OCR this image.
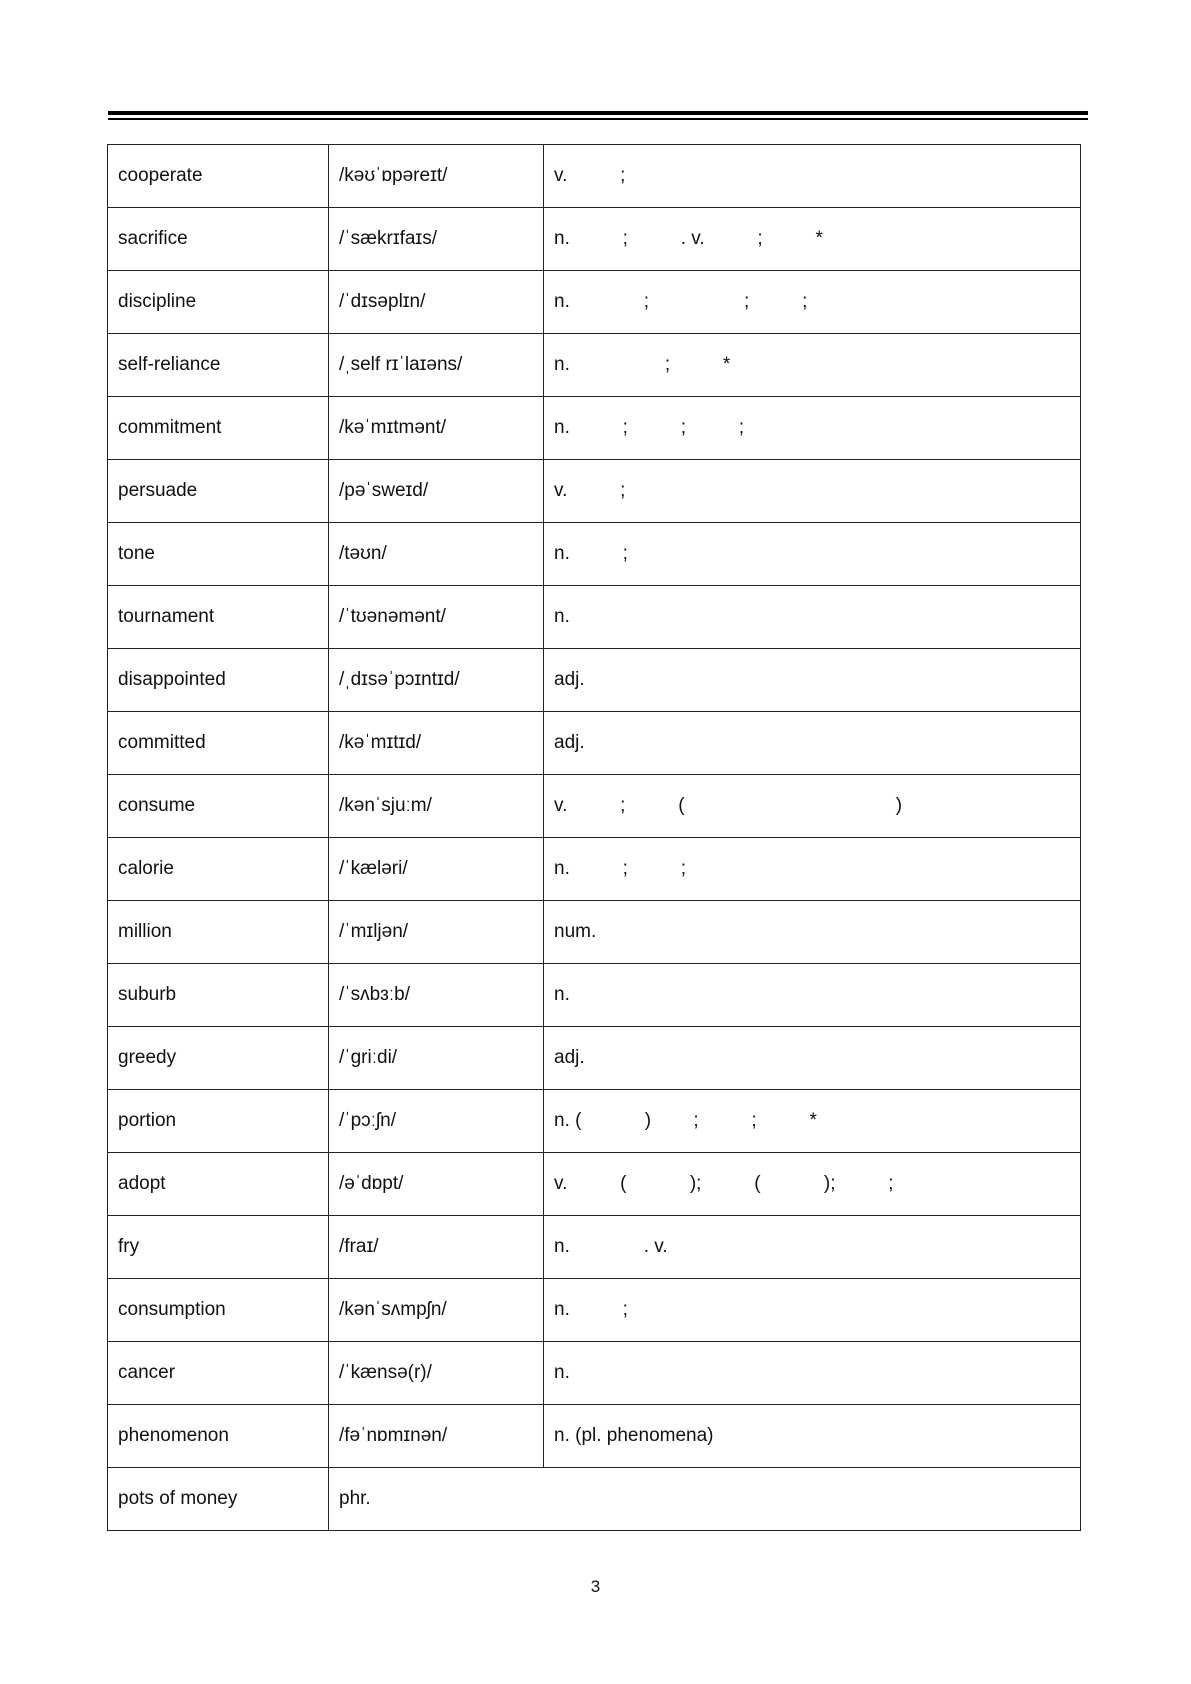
cooperate	/kəʊˈɒpəreɪt/	v.          ;
sacrifice	/ˈsækrɪfaɪs/	n.          ;          . v.          ;          *
discipline	/ˈdɪsəplɪn/	n.              ;                  ;          ;
self-reliance	/ˌself rɪˈlaɪəns/	n.                  ;          *
commitment	/kəˈmɪtmənt/	n.          ;          ;          ;
persuade	/pəˈsweɪd/	v.          ;
tone	/təʊn/	n.          ;
tournament	/ˈtʊənəmənt/	n.
disappointed	/ˌdɪsəˈpɔɪntɪd/	adj.
committed	/kəˈmɪtɪd/	adj.
consume	/kənˈsjuːm/	v.          ;          (                                        )
calorie	/ˈkæləri/	n.          ;          ;
million	/ˈmɪljən/	num.
suburb	/ˈsʌbɜːb/	n.
greedy	/ˈɡriːdi/	adj.
portion	/ˈpɔːʃn/	n. (            )        ;          ;          *
adopt	/əˈdɒpt/	v.          (            );          (            );          ;
fry	/fraɪ/	n.              . v.
consumption	/kənˈsʌmpʃn/	n.          ;
cancer	/ˈkænsə(r)/	n.
phenomenon	/fəˈnɒmɪnən/	n. (pl. phenomena)
pots of money	phr.	
3
